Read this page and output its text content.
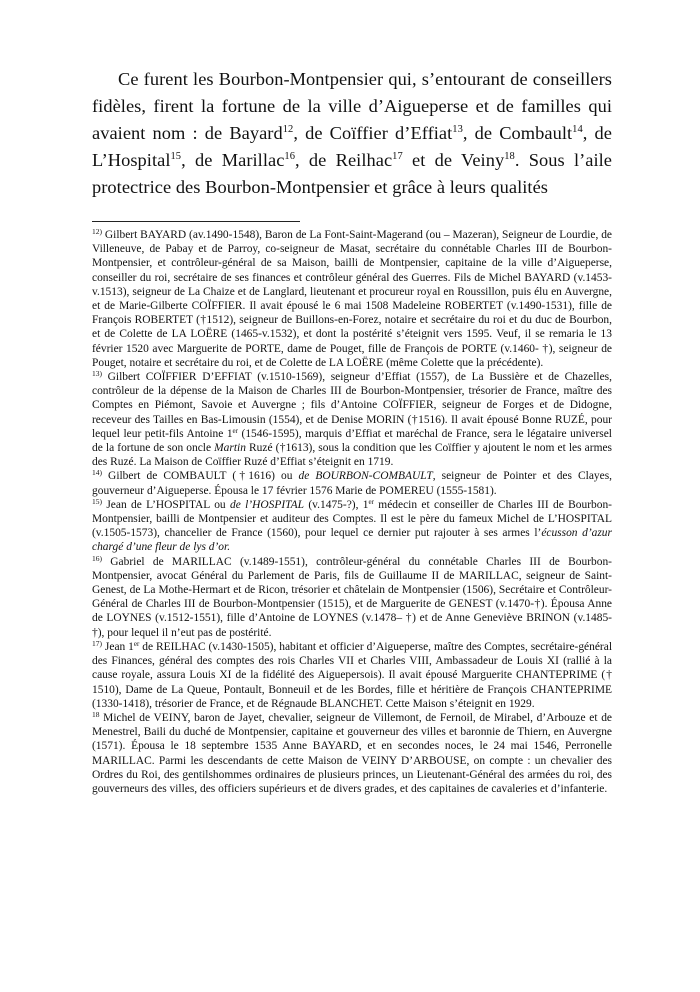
Ce furent les Bourbon-Montpensier qui, s’entourant de conseillers fidèles, firent la fortune de la ville d’Aigueperse et de familles qui avaient nom : de Bayard$^{12}$, de Coïffier d’Effiat$^{13}$, de Combault$^{14}$, de L’Hospital$^{15}$, de Marillac$^{16}$, de Reilhac$^{17}$ et de Veiny$^{18}$. Sous l’aile protectrice des Bourbon-Montpensier et grâce à leurs qualités

$^{12)}$ Gilbert BAYARD (av.1490-1548), Baron de La Font-Saint-Magerand (ou – Mazeran), Seigneur de Lourdie, de Villeneuve, de Pabay et de Parroy, co-seigneur de Masat, secrétaire du connétable Charles III de Bourbon-Montpensier, et contrôleur-général de sa Maison, bailli de Montpensier, capitaine de la ville d’Aigueperse, conseiller du roi, secrétaire de ses finances et contrôleur général des Guerres. Fils de Michel BAYARD (v.1453-v.1513), seigneur de La Chaize et de Langlard, lieutenant et procureur royal en Roussillon, puis élu en Auvergne, et de Marie-Gilberte COÏFFIER. Il avait épousé le 6 mai 1508 Madeleine ROBERTET (v.1490-1531), fille de François ROBERTET (†1512), seigneur de Buillons-en-Forez, notaire et secrétaire du roi et du duc de Bourbon, et de Colette de LA LOËRE (1465-v.1532), et dont la postérité s’éteignit vers 1595. Veuf, il se remaria le 13 février 1520 avec Marguerite de PORTE, dame de Pouget, fille de François de PORTE (v.1460- †), seigneur de Pouget, notaire et secrétaire du roi, et de Colette de LA LOËRE (même Colette que la précédente).

$^{13)}$ Gilbert COÏFFIER D’EFFIAT (v.1510-1569), seigneur d’Effiat (1557), de La Bussière et de Chazelles, contrôleur de la dépense de la Maison de Charles III de Bourbon-Montpensier, trésorier de France, maître des Comptes en Piémont, Savoie et Auvergne ; fils d’Antoine COÏFFIER, seigneur de Forges et de Didogne, receveur des Tailles en Bas-Limousin (1554), et de Denise MORIN (†1516). Il avait épousé Bonne RUZÉ, pour lequel leur petit-fils Antoine 1er (1546-1595), marquis d’Effiat et maréchal de France, sera le légataire universel de la fortune de son oncle Martin Ruzé (†1613), sous la condition que les Coïffier y ajoutent le nom et les armes des Ruzé. La Maison de Coïffier Ruzé d’Effiat s’éteignit en 1719.

$^{14)}$ Gilbert de COMBAULT (†1616) ou de BOURBON-COMBAULT, seigneur de Pointer et des Clayes, gouverneur d’Aigueperse. Épousa le 17 février 1576 Marie de POMEREU (1555-1581).

$^{15)}$ Jean de L’HOSPITAL ou de l’HOSPITAL (v.1475-?), 1er médecin et conseiller de Charles III de Bourbon-Montpensier, bailli de Montpensier et auditeur des Comptes. Il est le père du fameux Michel de L’HOSPITAL (v.1505-1573), chancelier de France (1560), pour lequel ce dernier put rajouter à ses armes l’écusson d’azur chargé d’une fleur de lys d’or.

$^{16)}$ Gabriel de MARILLAC (v.1489-1551), contrôleur-général du connétable Charles III de Bourbon-Montpensier, avocat Général du Parlement de Paris, fils de Guillaume II de MARILLAC, seigneur de Saint-Genest, de La Mothe-Hermart et de Ricon, trésorier et châtelain de Montpensier (1506), Secrétaire et Contrôleur-Général de Charles III de Bourbon-Montpensier (1515), et de Marguerite de GENEST (v.1470-†). Épousa Anne de LOYNES (v.1512-1551), fille d’Antoine de LOYNES (v.1478– †) et de Anne Geneviève BRINON (v.1485-†), pour lequel il n’eut pas de postérité.

$^{17)}$ Jean 1er de REILHAC (v.1430-1505), habitant et officier d’Aigueperse, maître des Comptes, secrétaire-général des Finances, général des comptes des rois Charles VII et Charles VIII, Ambassadeur de Louis XI (rallié à la cause royale, assura Louis XI de la fidélité des Aiguepersois). Il avait épousé Marguerite CHANTEPRIME († 1510), Dame de La Queue, Pontault, Bonneuil et de les Bordes, fille et héritière de François CHANTEPRIME (1330-1418), trésorier de France, et de Régnaude BLANCHET. Cette Maison s’éteignit en 1929.

$^{18}$ Michel de VEINY, baron de Jayet, chevalier, seigneur de Villemont, de Fernoil, de Mirabel, d’Arbouze et de Menestrel, Baili du duché de Montpensier, capitaine et gouverneur des villes et baronnie de Thiern, en Auvergne (1571). Épousa le 18 septembre 1535 Anne BAYARD, et en secondes noces, le 24 mai 1546, Perronelle MARILLAC. Parmi les descendants de cette Maison de VEINY D’ARBOUSE, on compte : un chevalier des Ordres du Roi, des gentilshommes ordinaires de plusieurs princes, un Lieutenant-Général des armées du roi, des gouverneurs des villes, des officiers supérieurs et de divers grades, et des capitaines de cavaleries et d’infanterie.
